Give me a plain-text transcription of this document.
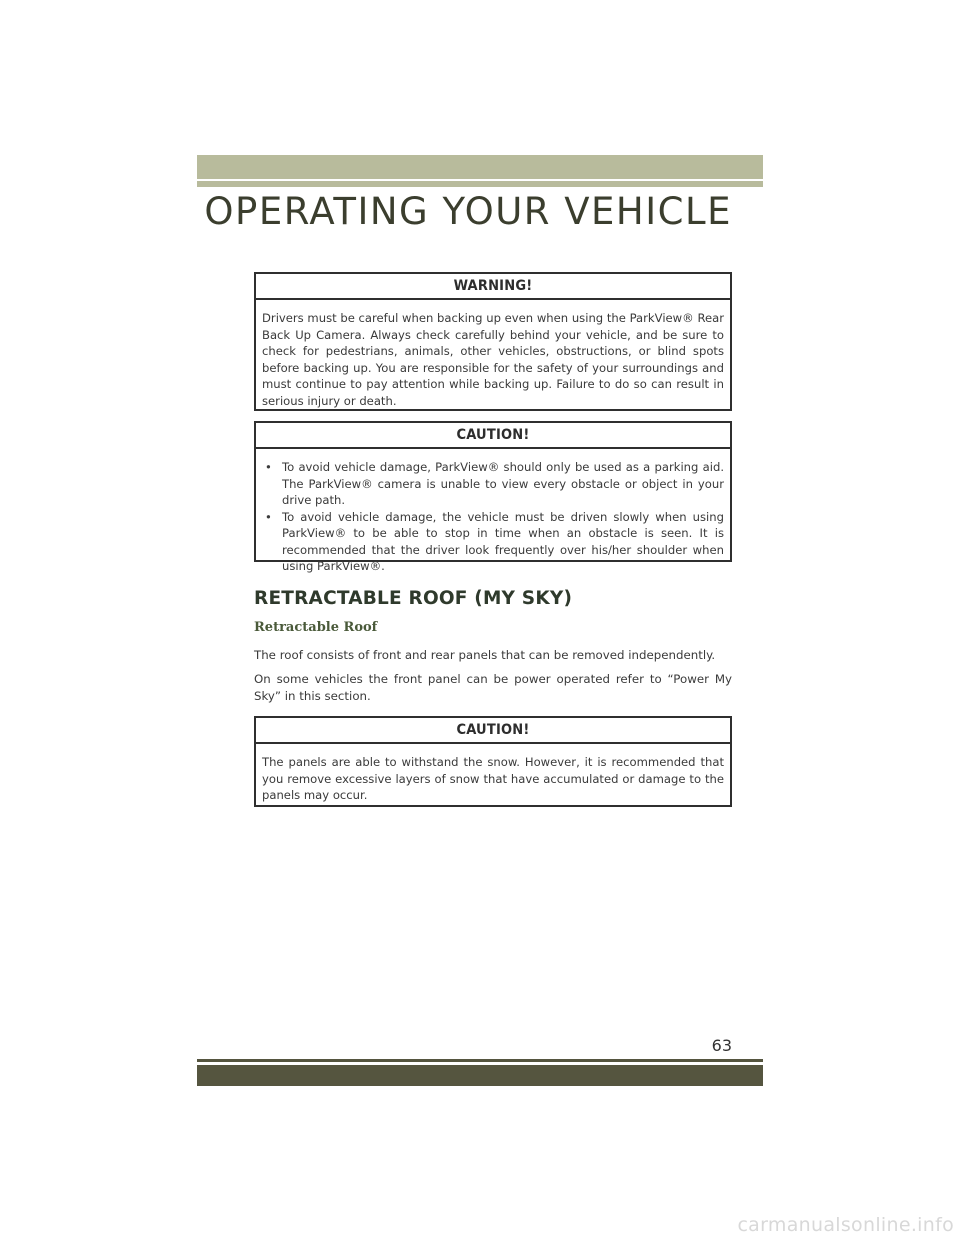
OPERATING YOUR VEHICLE
WARNING!

Drivers must be careful when backing up even when using the ParkView® Rear Back Up Camera. Always check carefully behind your vehicle, and be sure to check for pedestrians, animals, other vehicles, obstructions, or blind spots before backing up. You are responsible for the safety of your surroundings and must continue to pay attention while backing up. Failure to do so can result in serious injury or death.

CAUTION!
• To avoid vehicle damage, ParkView® should only be used as a parking aid. The ParkView® camera is unable to view every obstacle or object in your drive path.
• To avoid vehicle damage, the vehicle must be driven slowly when using ParkView® to be able to stop in time when an obstacle is seen. It is recommended that the driver look frequently over his/her shoulder when using ParkView®.
RETRACTABLE ROOF (MY SKY)
Retractable Roof

The roof consists of front and rear panels that can be removed independently.

On some vehicles the front panel can be power operated refer to “Power My Sky” in this section.

CAUTION!

The panels are able to withstand the snow. However, it is recommended that you remove excessive layers of snow that have accumulated or damage to the panels may occur.

63

carmanualsonline.info
